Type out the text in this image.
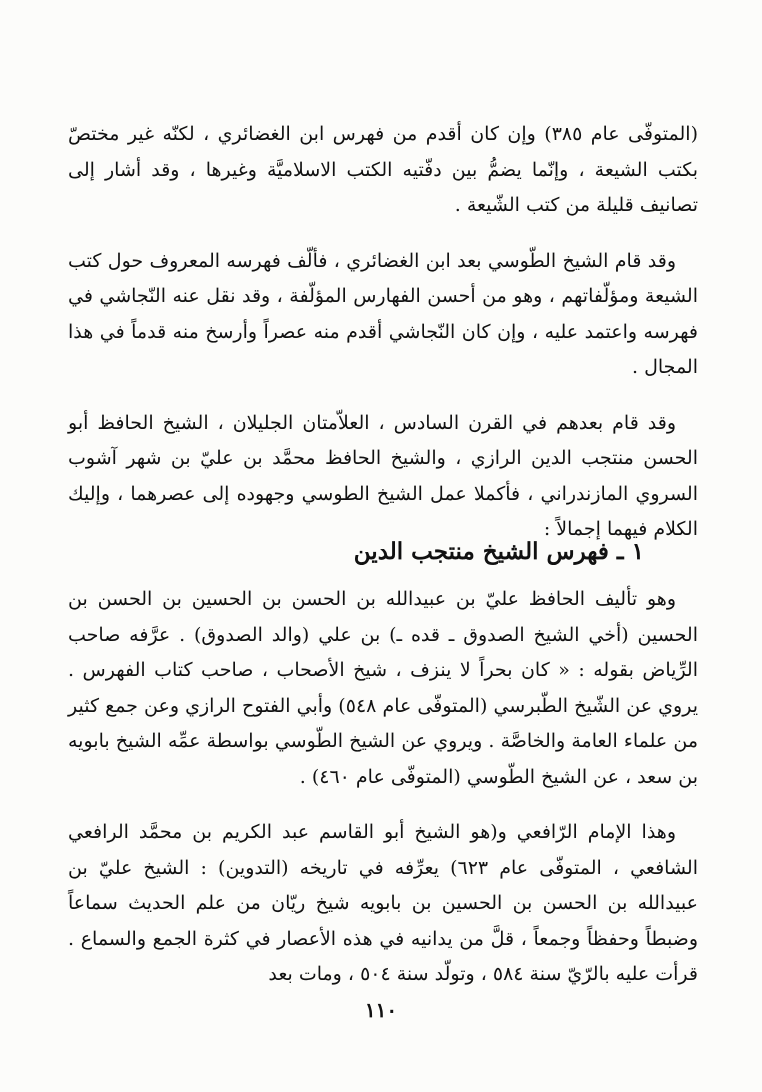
(المتوفّى عام ٣٨٥) وإن كان أقدم من فهرس ابن الغضائري ، لكنّه غير مختصّ بكتب الشيعة ، وإنّما يضمُّ بين دفّتيه الكتب الاسلاميَّة وغيرها ، وقد أشار إلى تصانيف قليلة من كتب الشّيعة .

وقد قام الشيخ الطّوسي بعد ابن الغضائري ، فألّف فهرسه المعروف حول كتب الشيعة ومؤلّفاتهم ، وهو من أحسن الفهارس المؤلّفة ، وقد نقل عنه النّجاشي في فهرسه واعتمد عليه ، وإن كان النّجاشي أقدم منه عصراً وأرسخ منه قدماً في هذا المجال .

وقد قام بعدهم في القرن السادس ، العلاّمتان الجليلان ، الشيخ الحافظ أبو الحسن منتجب الدين الرازي ، والشيخ الحافظ محمَّد بن عليّ بن شهر آشوب السروي المازندراني ، فأكملا عمل الشيخ الطوسي وجهوده إلى عصرهما ، وإليك الكلام فيهما إجمالاً :

١ ـ فهرس الشيخ منتجب الدين

وهو تأليف الحافظ عليّ بن عبيدالله بن الحسن بن الحسين بن الحسن بن الحسين (أخي الشيخ الصدوق ـ قده ـ) بن علي (والد الصدوق) . عرَّفه صاحب الرِّياض بقوله : « كان بحراً لا ينزف ، شيخ الأصحاب ، صاحب كتاب الفهرس . يروي عن الشّيخ الطّبرسي (المتوفّى عام ٥٤٨) وأبي الفتوح الرازي وعن جمع كثير من علماء العامة والخاصَّة . ويروي عن الشيخ الطّوسي بواسطة عمِّه الشيخ بابويه بن سعد ، عن الشيخ الطّوسي (المتوفّى عام ٤٦٠) .

وهذا الإمام الرّافعي و(هو الشيخ أبو القاسم عبد الكريم بن محمَّد الرافعي الشافعي ، المتوفّى عام ٦٢٣) يعرِّفه في تاريخه (التدوين) : الشيخ عليّ بن عبيدالله بن الحسن بن الحسين بن بابويه شيخ ريّان من علم الحديث سماعاً وضبطاً وحفظاً وجمعاً ، قلَّ من يدانيه في هذه الأعصار في كثرة الجمع والسماع . قرأت عليه بالرّيّ سنة ٥٨٤ ، وتولّد سنة ٥٠٤ ، ومات بعد

١١٠
